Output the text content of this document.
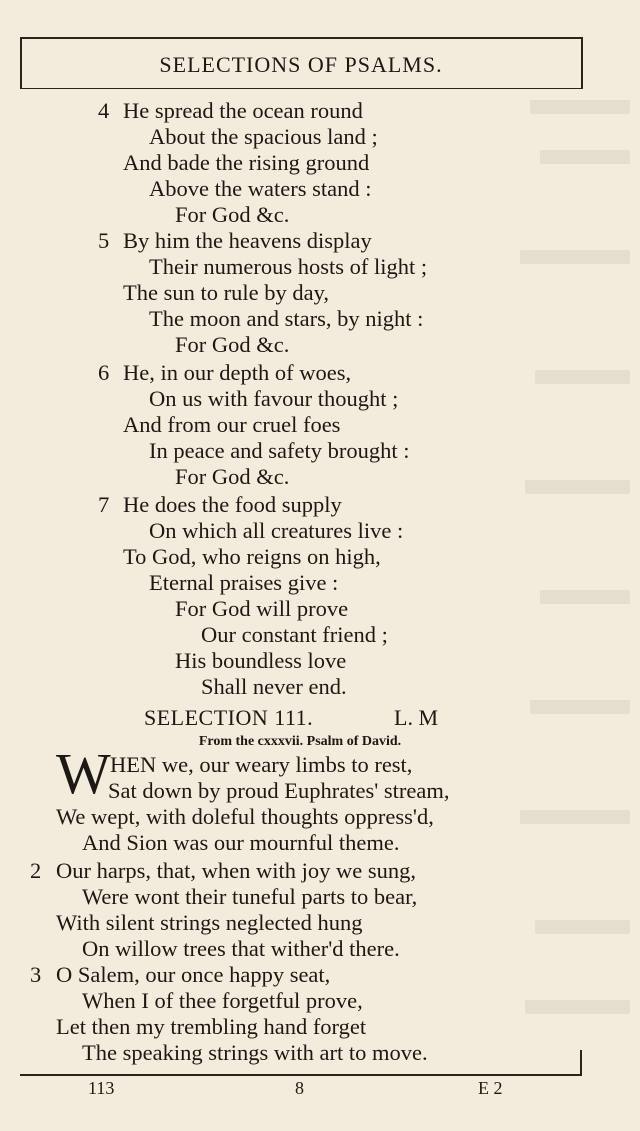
SELECTIONS OF PSALMS.
4 He spread the ocean round
About the spacious land ;
And bade the rising ground
Above the waters stand :
For God &c.
5 By him the heavens display
Their numerous hosts of light ;
The sun to rule by day,
The moon and stars, by night :
For God &c.
6 He, in our depth of woes,
On us with favour thought ;
And from our cruel foes
In peace and safety brought :
For God &c.
7 He does the food supply
On which all creatures live :
To God, who reigns on high,
Eternal praises give :
For God will prove
Our constant friend ;
His boundless love
Shall never end.
SELECTION 111.	L. M
From the cxxxvii. Psalm of David.
W HEN we, our weary limbs to rest,
Sat down by proud Euphrates' stream,
We wept, with doleful thoughts oppress'd,
And Sion was our mournful theme.
2 Our harps, that, when with joy we sung,
Were wont their tuneful parts to bear,
With silent strings neglected hung
On willow trees that wither'd there.
3 O Salem, our once happy seat,
When I of thee forgetful prove,
Let then my trembling hand forget
The speaking strings with art to move.
113	8	E 2
